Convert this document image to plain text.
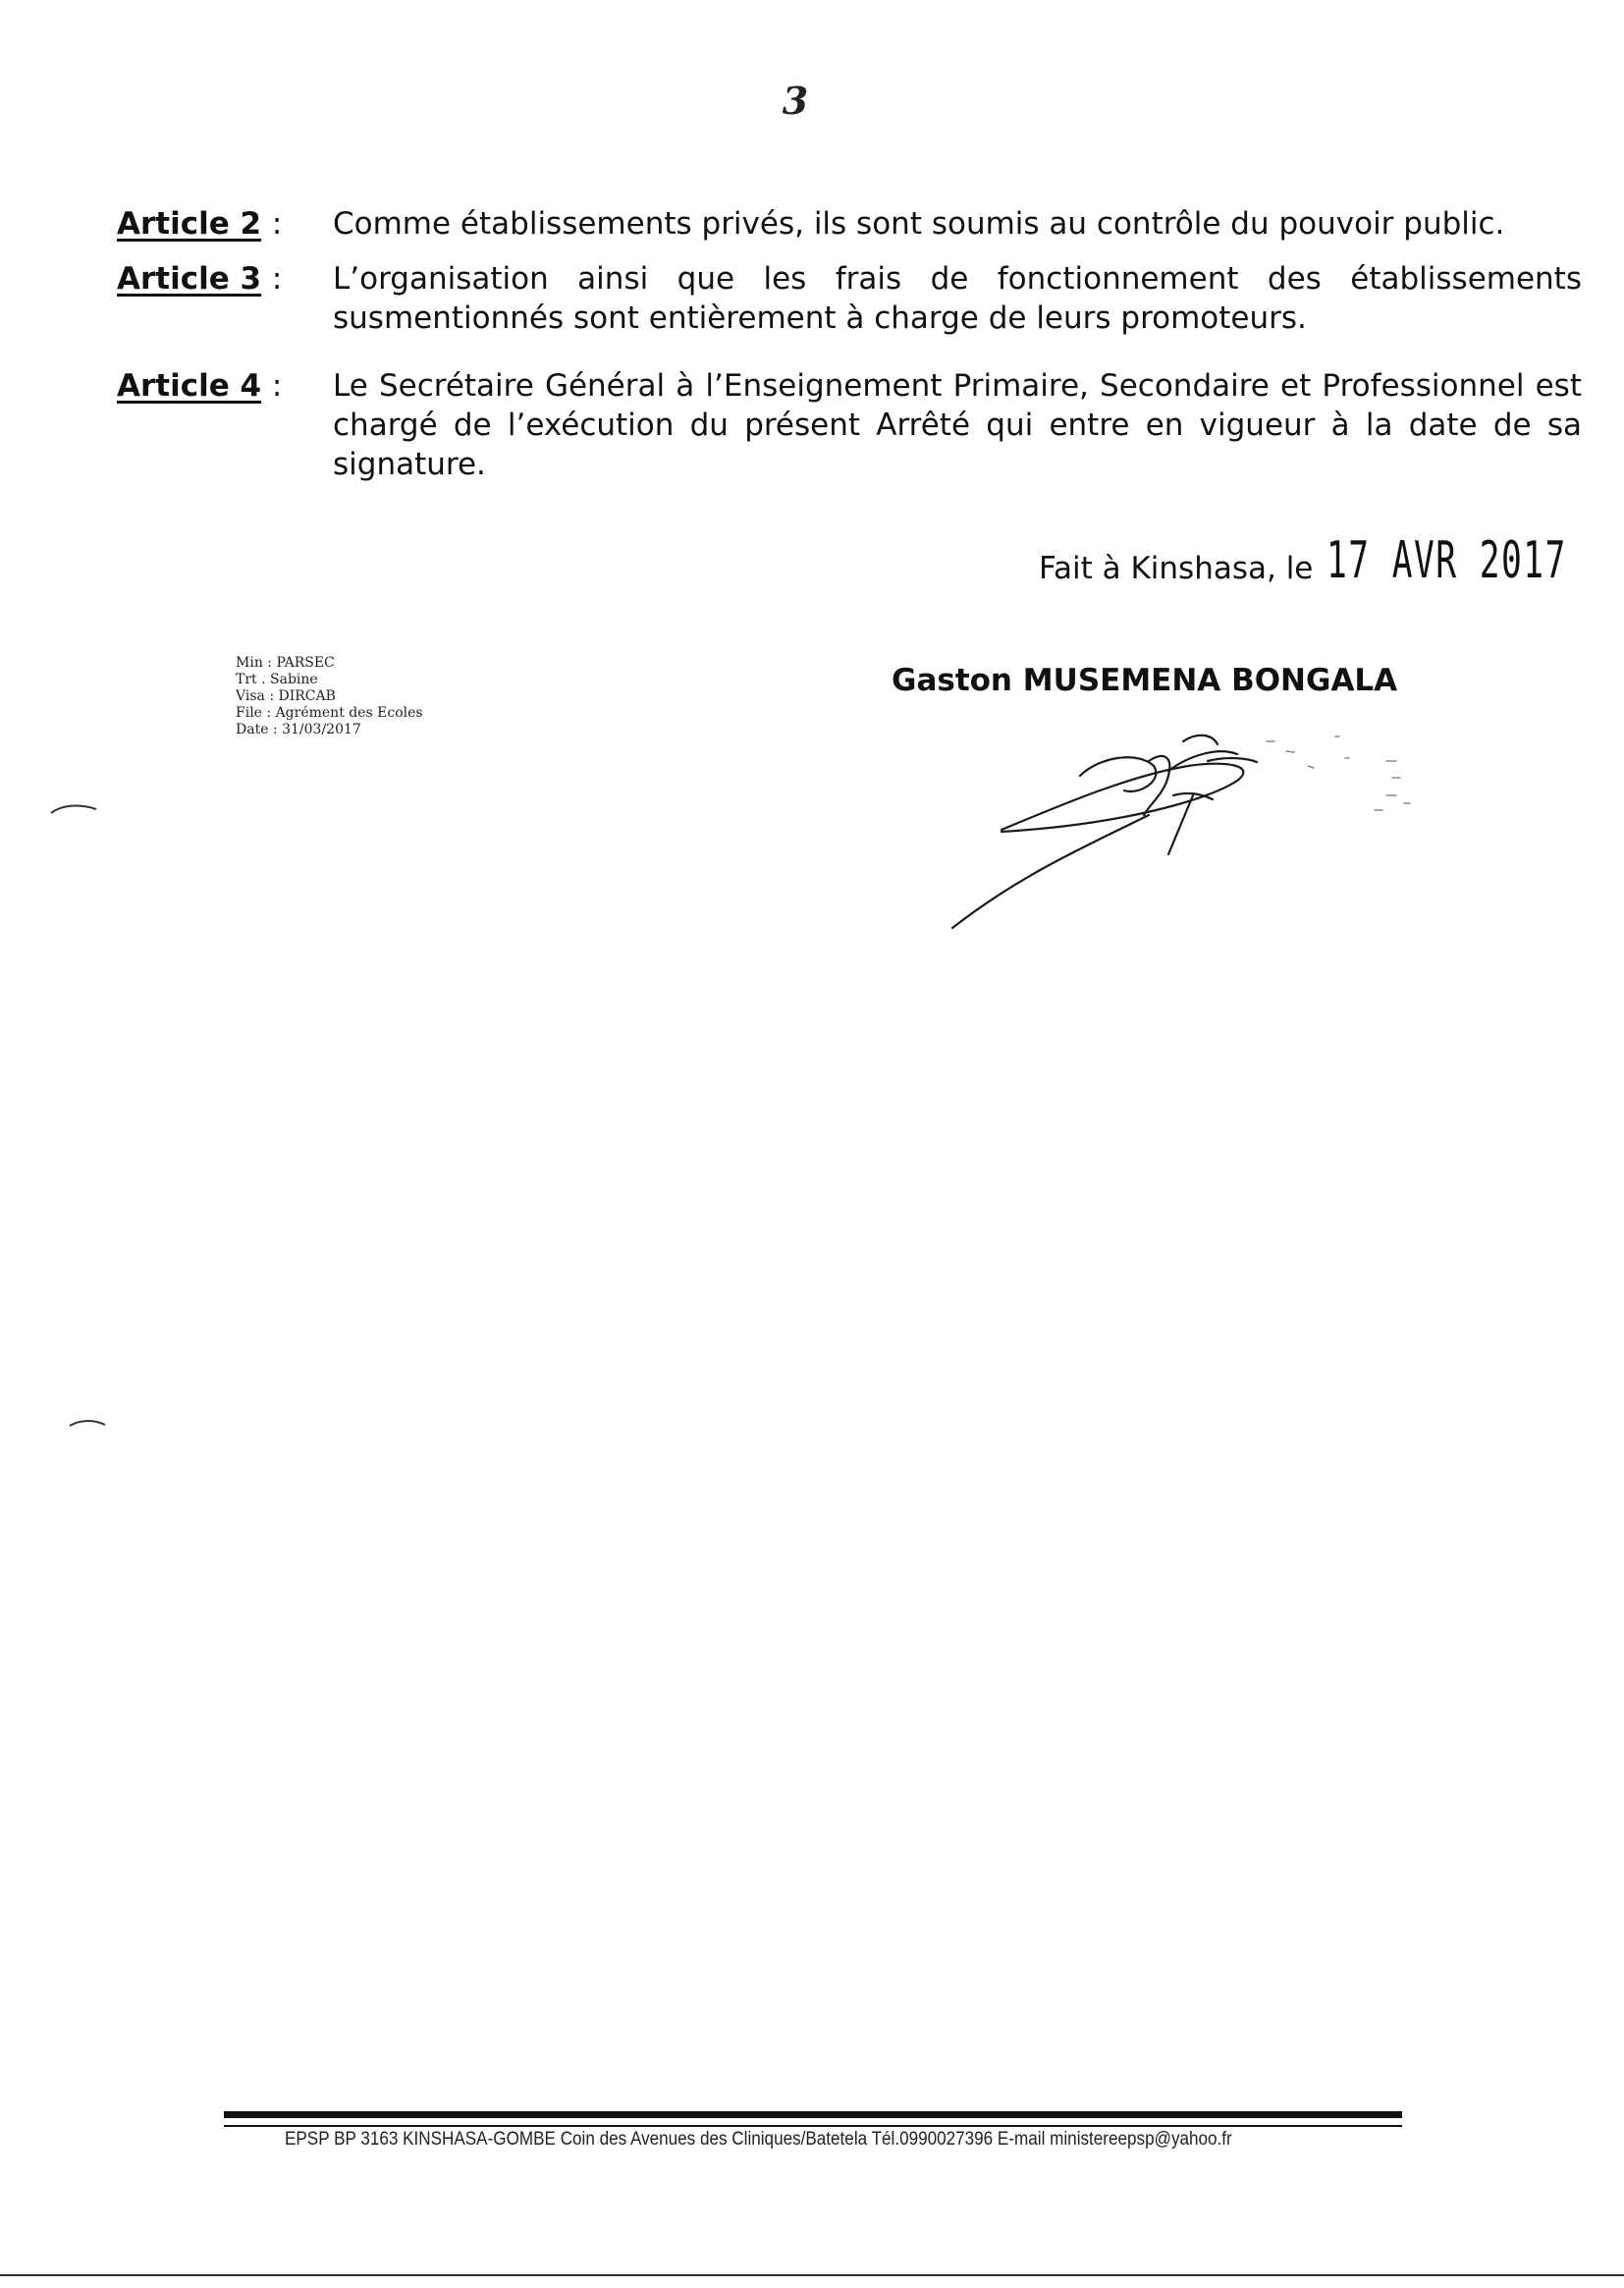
3
Article 2 :	Comme établissements privés, ils sont soumis au contrôle du pouvoir public.
Article 3 :	L’organisation ainsi que les frais de fonctionnement des établissements susmentionnés sont entièrement à charge de leurs promoteurs.
Article 4 :	Le Secrétaire Général à l’Enseignement Primaire, Secondaire et Professionnel est chargé de l’exécution du présent Arrêté qui entre en vigueur à la date de sa signature.
Fait à Kinshasa, le 17 AVR 2017
Min : PARSEC
Trt . Sabine
Visa : DIRCAB
File : Agrément des Ecoles
Date : 31/03/2017
Gaston MUSEMENA BONGALA
EPSP BP 3163 KINSHASA-GOMBE Coin des Avenues des Cliniques/Batetela Tél.0990027396 E-mail ministereepsp@yahoo.fr
